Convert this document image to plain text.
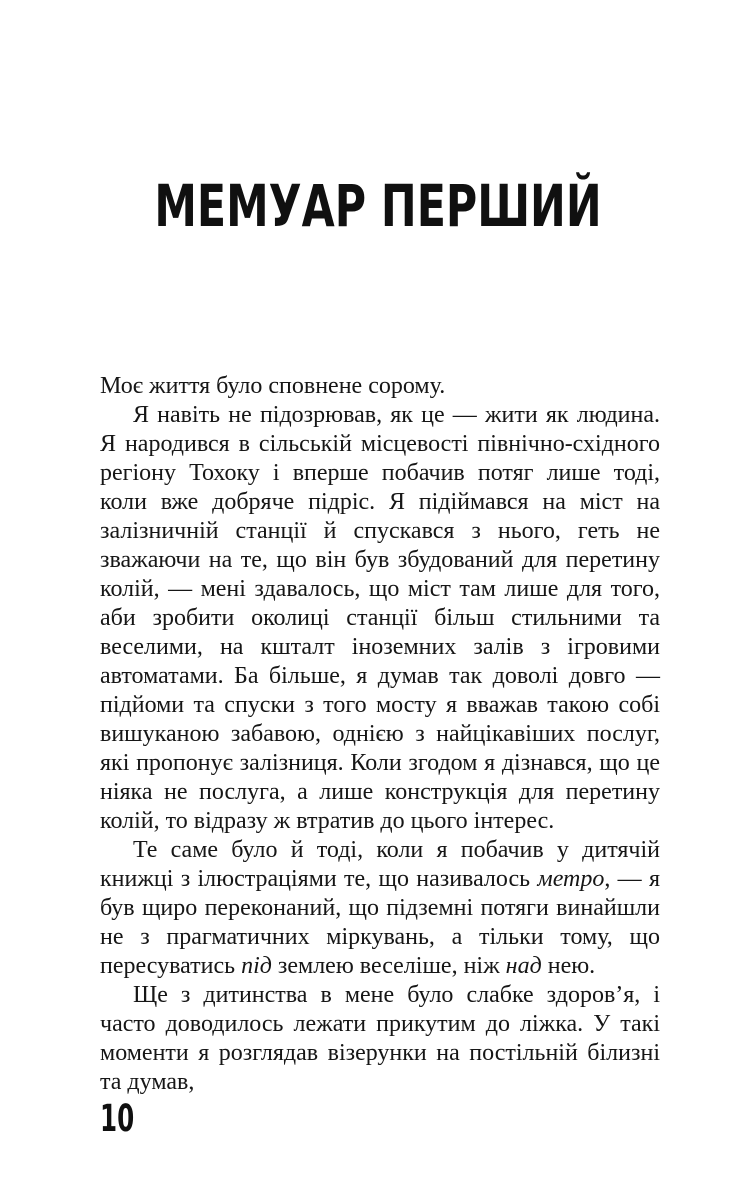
МЕМУАР ПЕРШИЙ

Моє життя було сповнене сорому.

Я навіть не підозрював, як це — жити як людина. Я народився в сільській місцевості північно-східного регіону Тохоку і вперше побачив потяг лише тоді, коли вже добряче підріс. Я підіймався на міст на залізничній станції й спускався з нього, геть не зважаючи на те, що він був збудований для перетину колій, — мені здавалось, що міст там лише для того, аби зробити околиці станції більш стильними та веселими, на кшталт іноземних залів з ігровими автоматами. Ба більше, я думав так доволі довго — підйоми та спуски з того мосту я вважав такою собі вишуканою забавою, однією з найцікавіших послуг, які пропонує залізниця. Коли згодом я дізнався, що це ніяка не послуга, а лише конструкція для перетину колій, то відразу ж втратив до цього інтерес.

Те саме було й тоді, коли я побачив у дитячій книжці з ілюстраціями те, що називалось метро, — я був щиро переконаний, що підземні потяги винайшли не з прагматичних міркувань, а тільки тому, що пересуватись під землею веселіше, ніж над нею.

Ще з дитинства в мене було слабке здоров’я, і часто доводилось лежати прикутим до ліжка. У такі моменти я розглядав візерунки на постільній білизні та думав,

10
